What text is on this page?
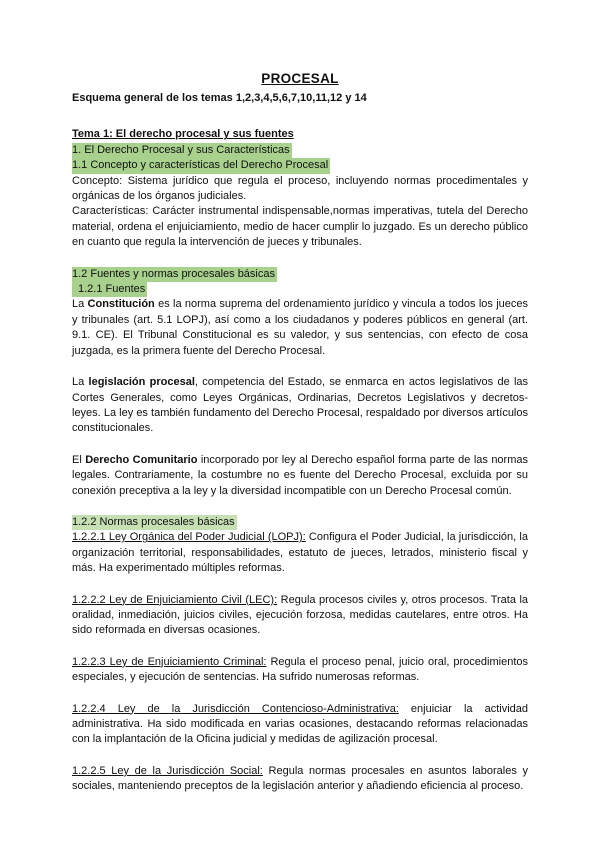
PROCESAL

Esquema general de los temas 1,2,3,4,5,6,7,10,11,12 y 14

Tema 1: El derecho procesal y sus fuentes

1. El Derecho Procesal y sus Características
1.1 Concepto y características del Derecho Procesal

Concepto: Sistema jurídico que regula el proceso, incluyendo normas procedimentales y orgánicas de los órganos judiciales.

Características: Carácter instrumental indispensable,normas imperativas, tutela del Derecho material, ordena el enjuiciamiento, medio de hacer cumplir lo juzgado. Es un derecho público en cuanto que regula la intervención de jueces y tribunales.

1.2 Fuentes y normas procesales básicas
1.2.1 Fuentes

La Constitución es la norma suprema del ordenamiento jurídico y vincula a todos los jueces y tribunales (art. 5.1 LOPJ), así como a los ciudadanos y poderes públicos en general (art. 9.1. CE). El Tribunal Constitucional es su valedor, y sus sentencias, con efecto de cosa juzgada, es la primera fuente del Derecho Procesal.

La legislación procesal, competencia del Estado, se enmarca en actos legislativos de las Cortes Generales, como Leyes Orgánicas, Ordinarias, Decretos Legislativos y decretos-leyes. La ley es también fundamento del Derecho Procesal, respaldado por diversos artículos constitucionales.

El Derecho Comunitario incorporado por ley al Derecho español forma parte de las normas legales. Contrariamente, la costumbre no es fuente del Derecho Procesal, excluida por su conexión preceptiva a la ley y la diversidad incompatible con un Derecho Procesal común.

1.2.2 Normas procesales básicas

1.2.2.1 Ley Orgánica del Poder Judicial (LOPJ): Configura el Poder Judicial, la jurisdicción, la organización territorial, responsabilidades, estatuto de jueces, letrados, ministerio fiscal y más. Ha experimentado múltiples reformas.

1.2.2.2 Ley de Enjuiciamiento Civil (LEC): Regula procesos civiles y, otros procesos. Trata la oralidad, inmediación, juicios civiles, ejecución forzosa, medidas cautelares, entre otros. Ha sido reformada en diversas ocasiones.

1.2.2.3 Ley de Enjuiciamiento Criminal: Regula el proceso penal, juicio oral, procedimientos especiales, y ejecución de sentencias. Ha sufrido numerosas reformas.

1.2.2.4 Ley de la Jurisdicción Contencioso-Administrativa: enjuiciar la actividad administrativa. Ha sido modificada en varias ocasiones, destacando reformas relacionadas con la implantación de la Oficina judicial y medidas de agilización procesal.

1.2.2.5 Ley de la Jurisdicción Social: Regula normas procesales en asuntos laborales y sociales, manteniendo preceptos de la legislación anterior y añadiendo eficiencia al proceso.
